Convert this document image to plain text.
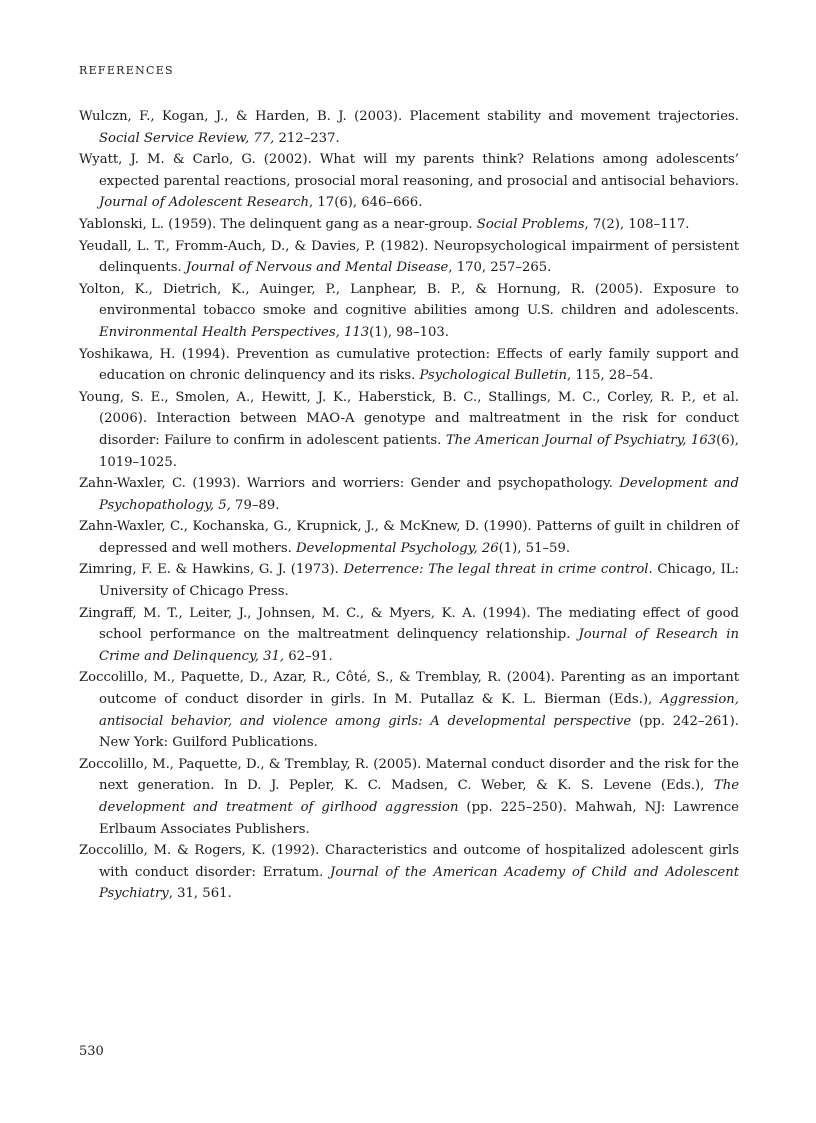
REFERENCES
Wulczn, F., Kogan, J., & Harden, B. J. (2003). Placement stability and movement trajectories. Social Service Review, 77, 212–237.
Wyatt, J. M. & Carlo, G. (2002). What will my parents think? Relations among adolescents’ expected parental reactions, prosocial moral reasoning, and prosocial and antisocial behaviors. Journal of Adolescent Research, 17(6), 646–666.
Yablonski, L. (1959). The delinquent gang as a near-group. Social Problems, 7(2), 108–117.
Yeudall, L. T., Fromm-Auch, D., & Davies, P. (1982). Neuropsychological impairment of persistent delinquents. Journal of Nervous and Mental Disease, 170, 257–265.
Yolton, K., Dietrich, K., Auinger, P., Lanphear, B. P., & Hornung, R. (2005). Exposure to environmental tobacco smoke and cognitive abilities among U.S. children and adolescents. Environmental Health Perspectives, 113(1), 98–103.
Yoshikawa, H. (1994). Prevention as cumulative protection: Effects of early family support and education on chronic delinquency and its risks. Psychological Bulletin, 115, 28–54.
Young, S. E., Smolen, A., Hewitt, J. K., Haberstick, B. C., Stallings, M. C., Corley, R. P., et al. (2006). Interaction between MAO-A genotype and maltreatment in the risk for conduct disorder: Failure to confirm in adolescent patients. The American Journal of Psychiatry, 163(6), 1019–1025.
Zahn-Waxler, C. (1993). Warriors and worriers: Gender and psychopathology. Development and Psychopathology, 5, 79–89.
Zahn-Waxler, C., Kochanska, G., Krupnick, J., & McKnew, D. (1990). Patterns of guilt in children of depressed and well mothers. Developmental Psychology, 26(1), 51–59.
Zimring, F. E. & Hawkins, G. J. (1973). Deterrence: The legal threat in crime control. Chicago, IL: University of Chicago Press.
Zingraff, M. T., Leiter, J., Johnsen, M. C., & Myers, K. A. (1994). The mediating effect of good school performance on the maltreatment delinquency relationship. Journal of Research in Crime and Delinquency, 31, 62–91.
Zoccolillo, M., Paquette, D., Azar, R., Côté, S., & Tremblay, R. (2004). Parenting as an important outcome of conduct disorder in girls. In M. Putallaz & K. L. Bierman (Eds.), Aggression, antisocial behavior, and violence among girls: A developmental perspective (pp. 242–261). New York: Guilford Publications.
Zoccolillo, M., Paquette, D., & Tremblay, R. (2005). Maternal conduct disorder and the risk for the next generation. In D. J. Pepler, K. C. Madsen, C. Weber, & K. S. Levene (Eds.), The development and treatment of girlhood aggression (pp. 225–250). Mahwah, NJ: Lawrence Erlbaum Associates Publishers.
Zoccolillo, M. & Rogers, K. (1992). Characteristics and outcome of hospitalized adolescent girls with conduct disorder: Erratum. Journal of the American Academy of Child and Adolescent Psychiatry, 31, 561.
530
